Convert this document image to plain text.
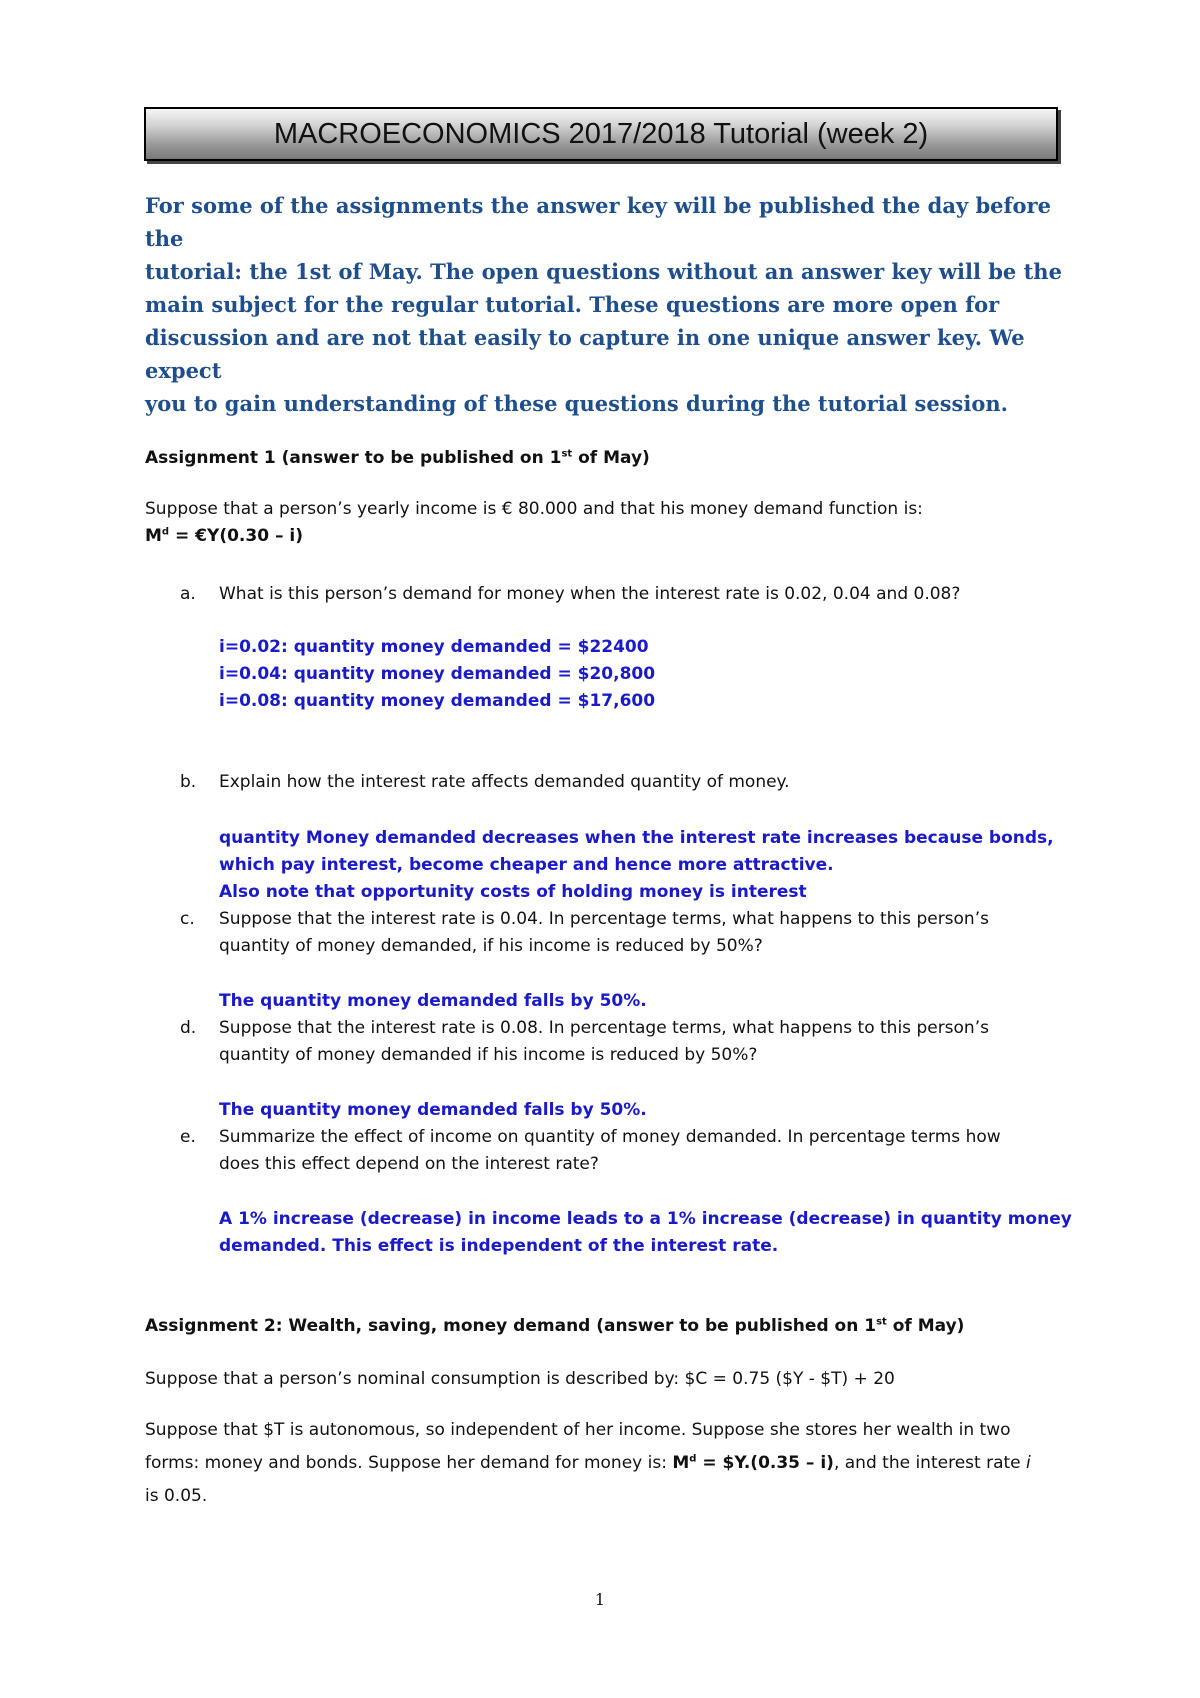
MACROECONOMICS 2017/2018 Tutorial (week 2)
For some of the assignments the answer key will be published the day before the
tutorial: the 1st of May. The open questions without an answer key will be the
main subject for the regular tutorial. These questions are more open for
discussion and are not that easily to capture in one unique answer key. We expect
you to gain understanding of these questions during the tutorial session.
Assignment 1 (answer to be published on 1st of May)
Suppose that a person’s yearly income is € 80.000 and that his money demand function is:
$M^d$ = €Y(0.30 – i)
a. What is this person’s demand for money when the interest rate is 0.02, 0.04 and 0.08?
i=0.02: quantity money demanded = $22400
i=0.04: quantity money demanded = $20,800
i=0.08: quantity money demanded = $17,600
b. Explain how the interest rate affects demanded quantity of money.
quantity Money demanded decreases when the interest rate increases because bonds,
which pay interest, become cheaper and hence more attractive.
Also note that opportunity costs of holding money is interest
c. Suppose that the interest rate is 0.04. In percentage terms, what happens to this person’s
quantity of money demanded, if his income is reduced by 50%?
The quantity money demanded falls by 50%.
d. Suppose that the interest rate is 0.08. In percentage terms, what happens to this person’s
quantity of money demanded if his income is reduced by 50%?
The quantity money demanded falls by 50%.
e. Summarize the effect of income on quantity of money demanded. In percentage terms how
does this effect depend on the interest rate?
A 1% increase (decrease) in income leads to a 1% increase (decrease) in quantity money
demanded. This effect is independent of the interest rate.
Assignment 2: Wealth, saving, money demand (answer to be published on 1st of May)
Suppose that a person’s nominal consumption is described by: $C = 0.75 ($Y - $T) + 20
Suppose that $T is autonomous, so independent of her income. Suppose she stores her wealth in two
forms: money and bonds. Suppose her demand for money is: $M^d$ = $Y.(0.35 – i), and the interest rate i
is 0.05.
1
